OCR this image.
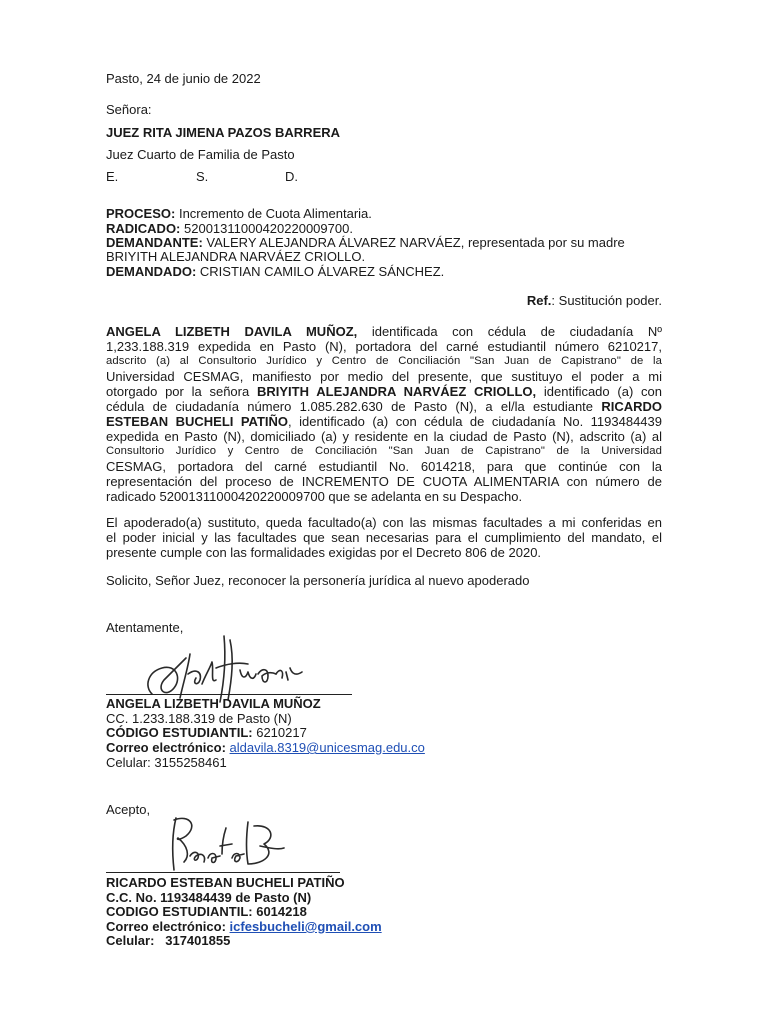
Pasto, 24 de junio de 2022
Señora:
JUEZ RITA JIMENA PAZOS BARRERA
Juez Cuarto de Familia de Pasto
E.	S.	D.
PROCESO: Incremento de Cuota Alimentaria.
RADICADO: 52001311000420220009700.
DEMANDANTE: VALERY ALEJANDRA ÁLVAREZ NARVÁEZ, representada por su madre
BRIYITH ALEJANDRA NARVÁEZ CRIOLLO.
DEMANDADO: CRISTIAN CAMILO ÁLVAREZ SÁNCHEZ.
Ref.: Sustitución poder.
ANGELA LIZBETH DAVILA MUÑOZ, identificada con cédula de ciudadanía Nº
1,233.188.319 expedida en Pasto (N), portadora del carné estudiantil número 6210217,
adscrito (a) al Consultorio Jurídico y Centro de Conciliación "San Juan de Capistrano" de la
Universidad CESMAG, manifiesto por medio del presente, que sustituyo el poder a mi
otorgado por la señora BRIYITH ALEJANDRA NARVÁEZ CRIOLLO, identificado (a) con
cédula de ciudadanía número 1.085.282.630 de Pasto (N), a el/la estudiante RICARDO
ESTEBAN BUCHELI PATIÑO, identificado (a) con cédula de ciudadanía No. 1193484439
expedida en Pasto (N), domiciliado (a) y residente en la ciudad de Pasto (N), adscrito (a) al
Consultorio Jurídico y Centro de Conciliación "San Juan de Capistrano" de la Universidad
CESMAG, portadora del carné estudiantil No. 6014218, para que continúe con la
representación del proceso de INCREMENTO DE CUOTA ALIMENTARIA con número de
radicado 52001311000420220009700 que se adelanta en su Despacho.
El apoderado(a) sustituto, queda facultado(a) con las mismas facultades a mi conferidas en
el poder inicial y las facultades que sean necesarias para el cumplimiento del mandato, el
presente cumple con las formalidades exigidas por el Decreto 806 de 2020.
Solicito, Señor Juez, reconocer la personería jurídica al nuevo apoderado
Atentamente,
ANGELA LIZBETH DAVILA MUÑOZ
CC. 1.233.188.319 de Pasto (N)
CÓDIGO ESTUDIANTIL: 6210217
Correo electrónico: aldavila.8319@unicesmag.edu.co
Celular: 3155258461
Acepto,
RICARDO ESTEBAN BUCHELI PATIÑO
C.C. No. 1193484439 de Pasto (N)
CODIGO ESTUDIANTIL: 6014218
Correo electrónico: icfesbucheli@gmail.com
Celular:   317401855
